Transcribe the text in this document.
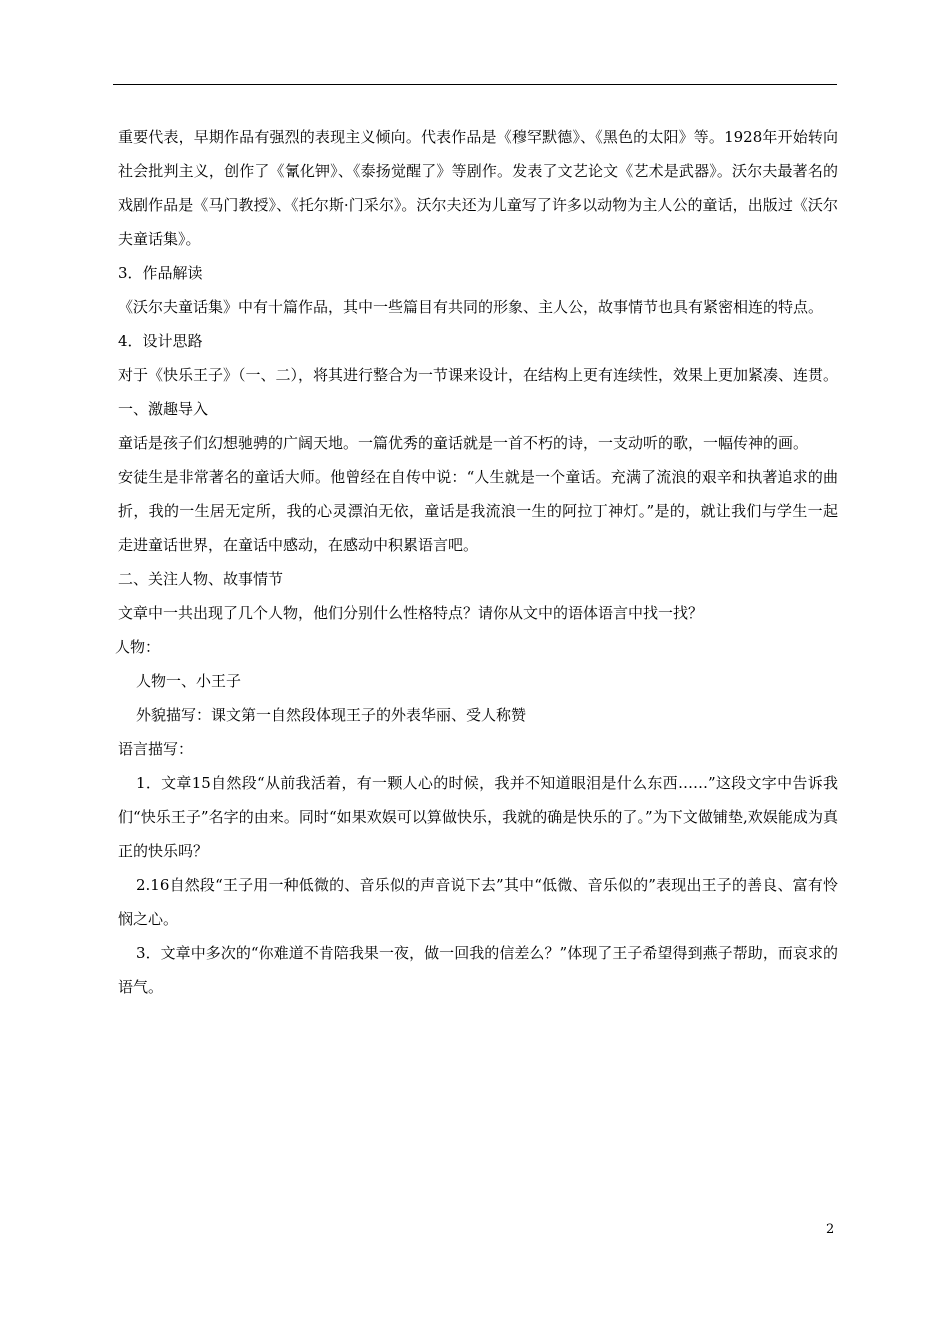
重要代表，早期作品有强烈的表现主义倾向。代表作品是《穆罕默德》、《黑色的太阳》等。1928年开始转向社会批判主义，创作了《氰化钾》、《泰扬觉醒了》等剧作。发表了文艺论文《艺术是武器》。沃尔夫最著名的戏剧作品是《马门教授》、《托尔斯·门采尔》。沃尔夫还为儿童写了许多以动物为主人公的童话，出版过《沃尔夫童话集》。

3．作品解读

《沃尔夫童话集》中有十篇作品，其中一些篇目有共同的形象、主人公，故事情节也具有紧密相连的特点。

4．设计思路

对于《快乐王子》（一、二），将其进行整合为一节课来设计，在结构上更有连续性，效果上更加紧凑、连贯。

一、激趣导入

童话是孩子们幻想驰骋的广阔天地。一篇优秀的童话就是一首不朽的诗，一支动听的歌，一幅传神的画。

安徒生是非常著名的童话大师。他曾经在自传中说：“人生就是一个童话。充满了流浪的艰辛和执著追求的曲折，我的一生居无定所，我的心灵漂泊无依，童话是我流浪一生的阿拉丁神灯。”是的，就让我们与学生一起走进童话世界，在童话中感动，在感动中积累语言吧。

二、关注人物、故事情节

文章中一共出现了几个人物，他们分别什么性格特点？请你从文中的语体语言中找一找？

人物：

人物一、小王子

外貌描写：课文第一自然段体现王子的外表华丽、受人称赞

语言描写：

1．文章15自然段“从前我活着，有一颗人心的时候，我并不知道眼泪是什么东西……”这段文字中告诉我们“快乐王子”名字的由来。同时“如果欢娱可以算做快乐，我就的确是快乐的了。”为下文做铺垫,欢娱能成为真正的快乐吗？

2.16自然段“王子用一种低微的、音乐似的声音说下去”其中“低微、音乐似的”表现出王子的善良、富有怜悯之心。

3．文章中多次的“你难道不肯陪我果一夜，做一回我的信差么？”体现了王子希望得到燕子帮助，而哀求的语气。

2
